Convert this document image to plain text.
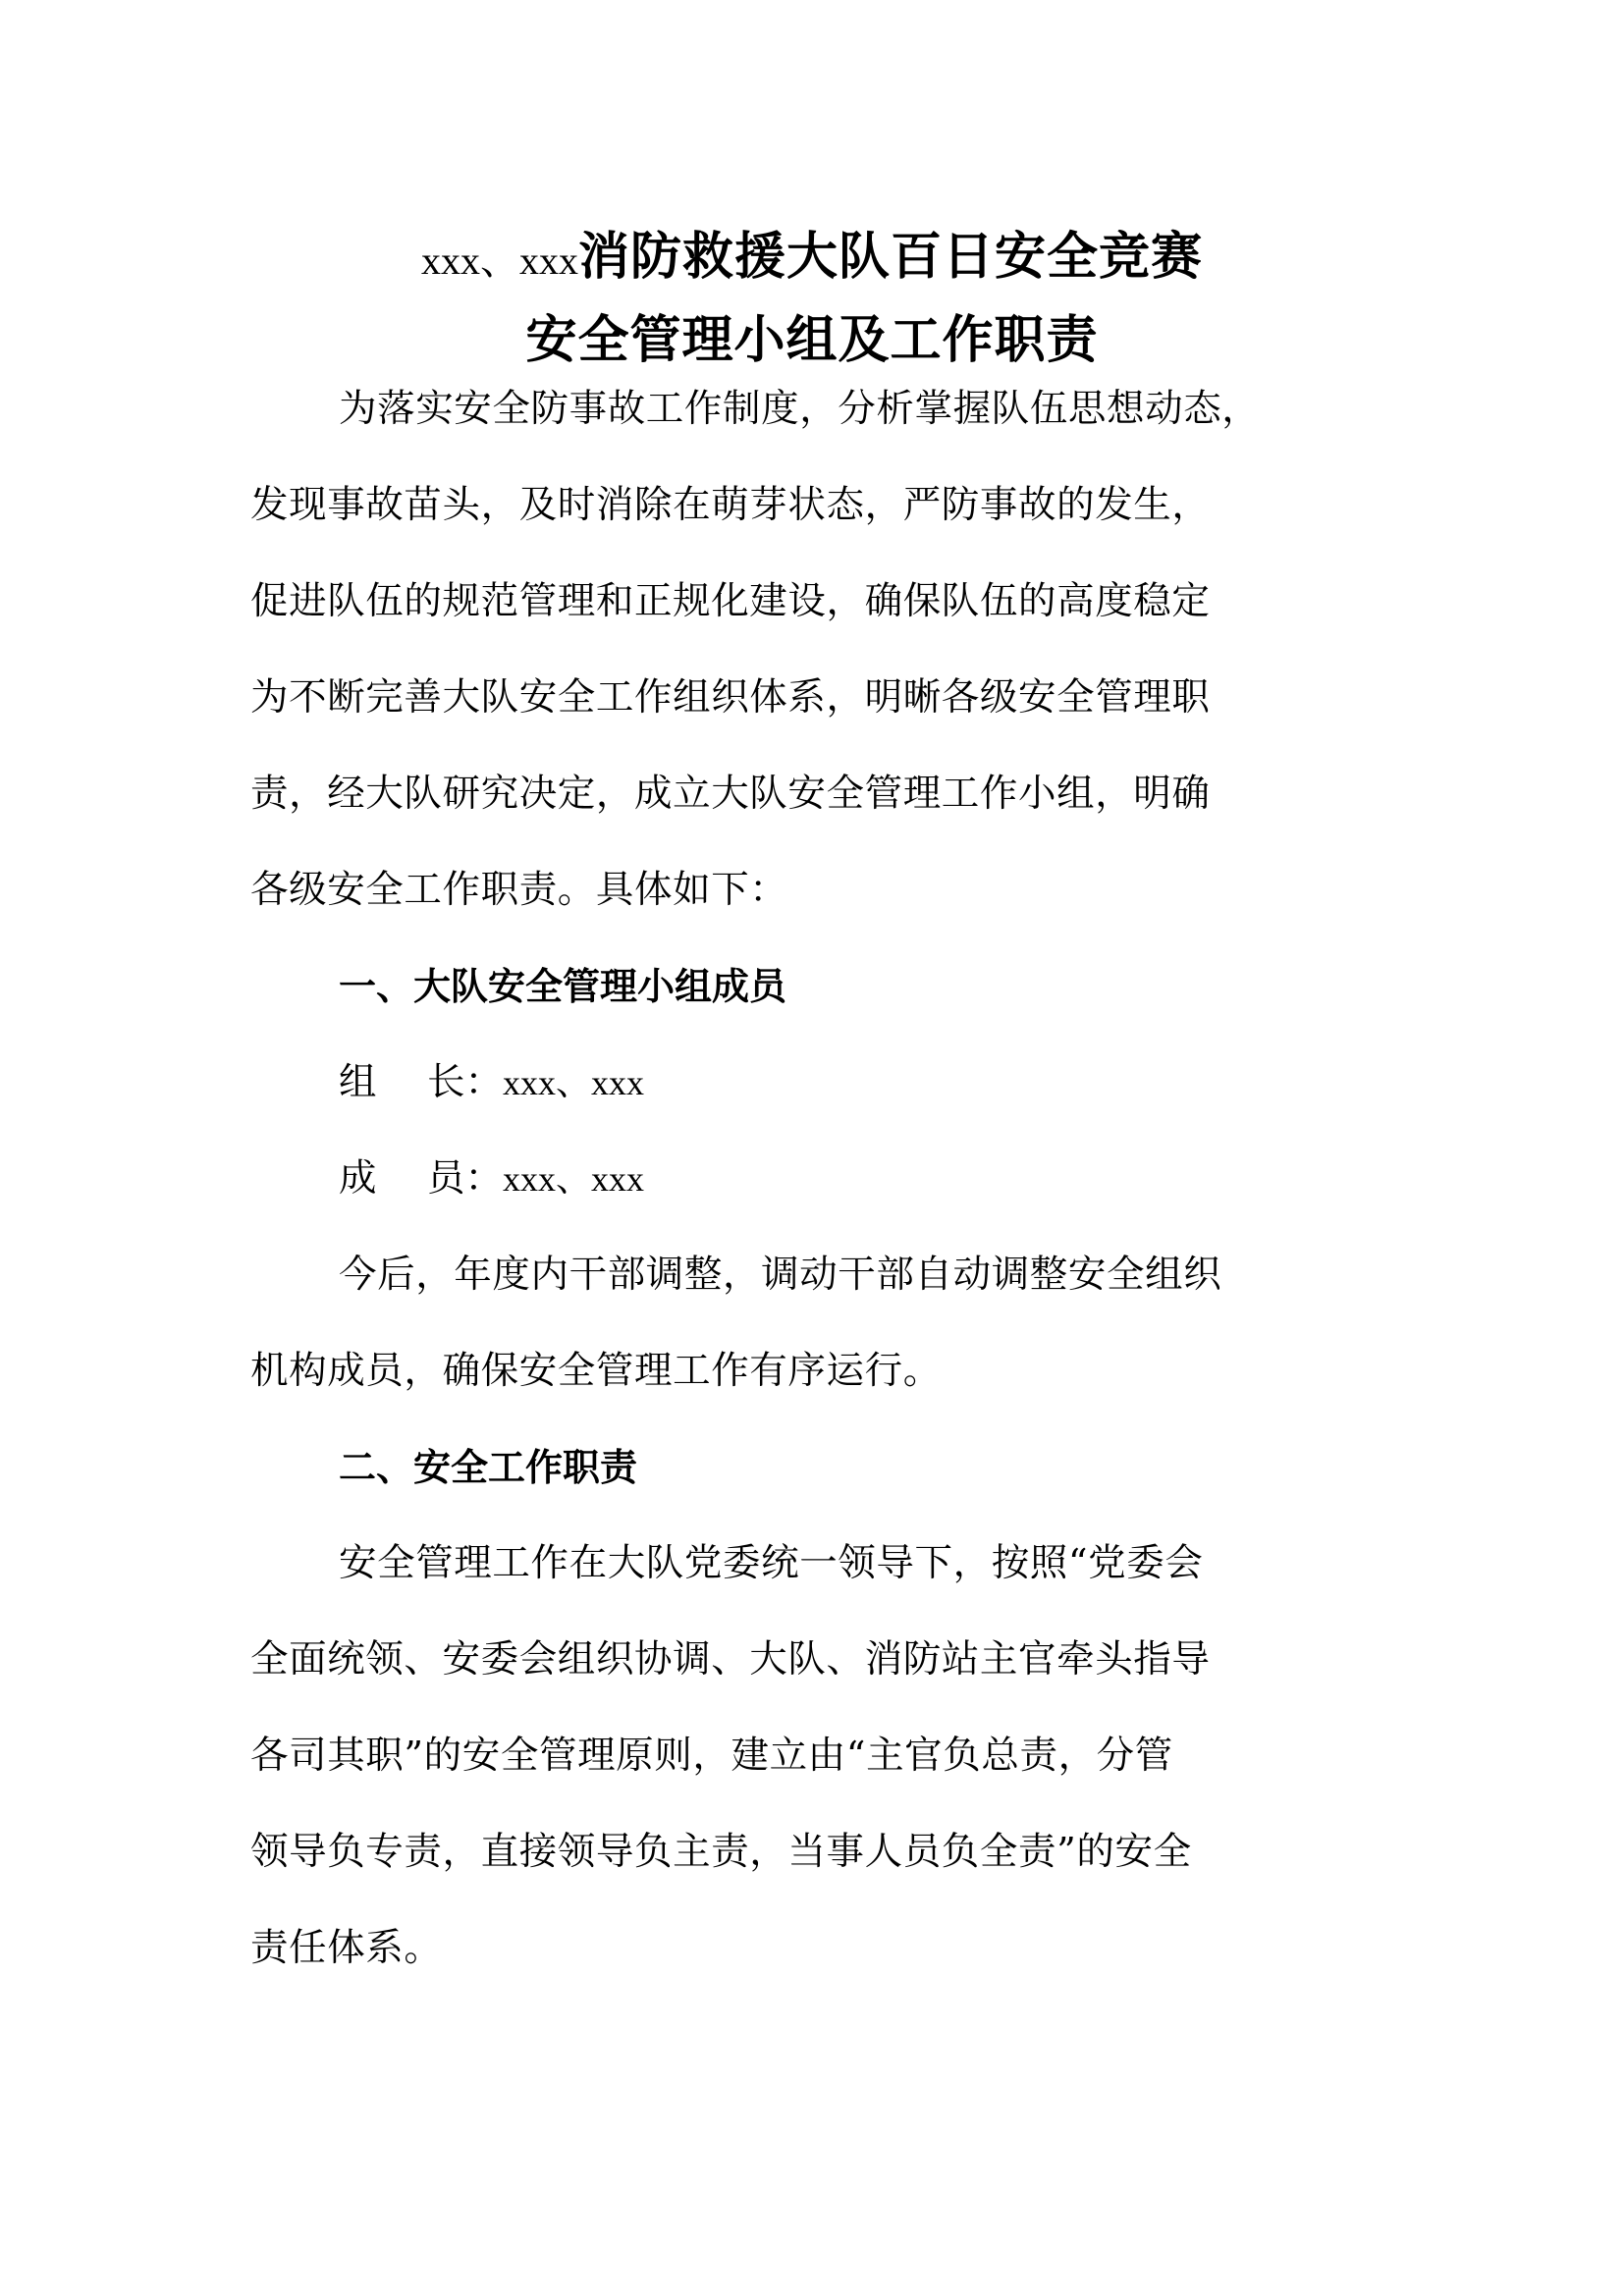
xxx、xxx消防救援大队百日安全竞赛

安全管理小组及工作职责

为落实安全防事故工作制度，分析掌握队伍思想动态，
发现事故苗头，及时消除在萌芽状态，严防事故的发生，
促进队伍的规范管理和正规化建设，确保队伍的高度稳定

为不断完善大队安全工作组织体系，明晰各级安全管理职
责，经大队研究决定，成立大队安全管理工作小组，明确
各级安全工作职责。具体如下：

一、大队安全管理小组成员

组 长：xxx、xxx

成 员：xxx、xxx

今后，年度内干部调整，调动干部自动调整安全组织
机构成员，确保安全管理工作有序运行。

二、安全工作职责

安全管理工作在大队党委统一领导下，按照“党委会
全面统领、安委会组织协调、大队、消防站主官牵头指导
各司其职”的安全管理原则，建立由“主官负总责，分管
领导负专责，直接领导负主责，当事人员负全责”的安全
责任体系。
